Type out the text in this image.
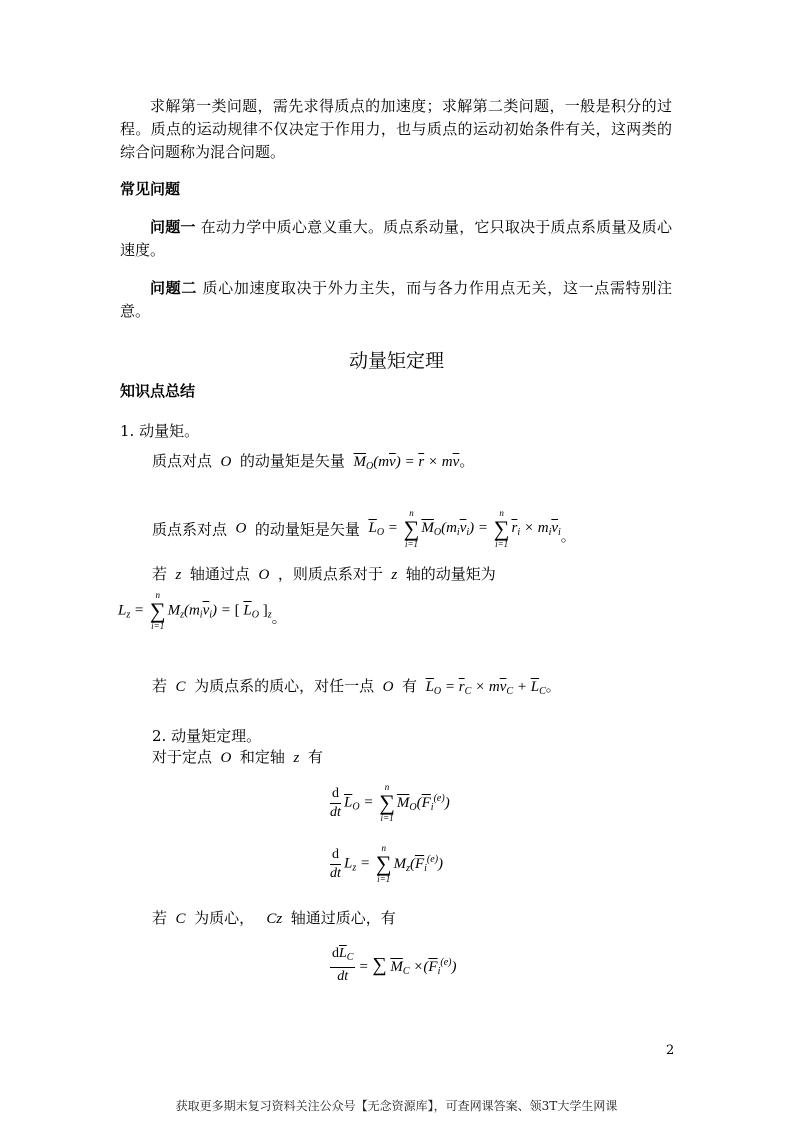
求解第一类问题，需先求得质点的加速度；求解第二类问题，一般是积分的过程。质点的运动规律不仅决定于作用力，也与质点的运动初始条件有关，这两类的综合问题称为混合问题。
常见问题
问题一 在动力学中质心意义重大。质点系动量，它只取决于质点系质量及质心速度。
问题二 质心加速度取决于外力主失，而与各力作用点无关，这一点需特别注意。
动量矩定理
知识点总结
1. 动量矩。
质点对点  O  的动量矩是矢量 $\overline{M}_O(m\overline{v}) = \overline{r} \times m\overline{v}$。
质点系对点  O  的动量矩是矢量 $\overline{L}_O$ =
n
∑
i=1
$\overline{M}_O(m_i\overline{v}_i)$ =
n
∑
i=1
$\overline{r}_i \times m_i\overline{v}_i$。
若  z  轴通过点  O  ，则质点系对于  z  轴的动量矩为
$L_z$ =
n
∑
i=1
$M_z(m_i\overline{v}_i)$ = [ $\overline{L}_O$ ]$_z$。
若  C  为质点系的质心，对任一点  O  有 $\overline{L}_O = \overline{r}_C \times m\overline{v}_C + \overline{L}_C$。
2. 动量矩定理。
对于定点  O  和定轴  z  有
$\frac{d}{dt} \overline{L}_O$ =
n
∑
i=1
$\overline{M}_O(\overline{F}_i^{(e)})$
$\frac{d}{dt} L_z$ =
n
∑
i=1
$M_z(\overline{F}_i^{(e)})$
若  C  为质心，   Cz  轴通过质心，有
$\frac{d\overline{L}_C}{dt}$ = ∑ $\overline{M}_C \times(\overline{F}_i^{(e)})$
2
获取更多期末复习资料关注公众号【无念资源库】，可查网课答案、领3T大学生网课
